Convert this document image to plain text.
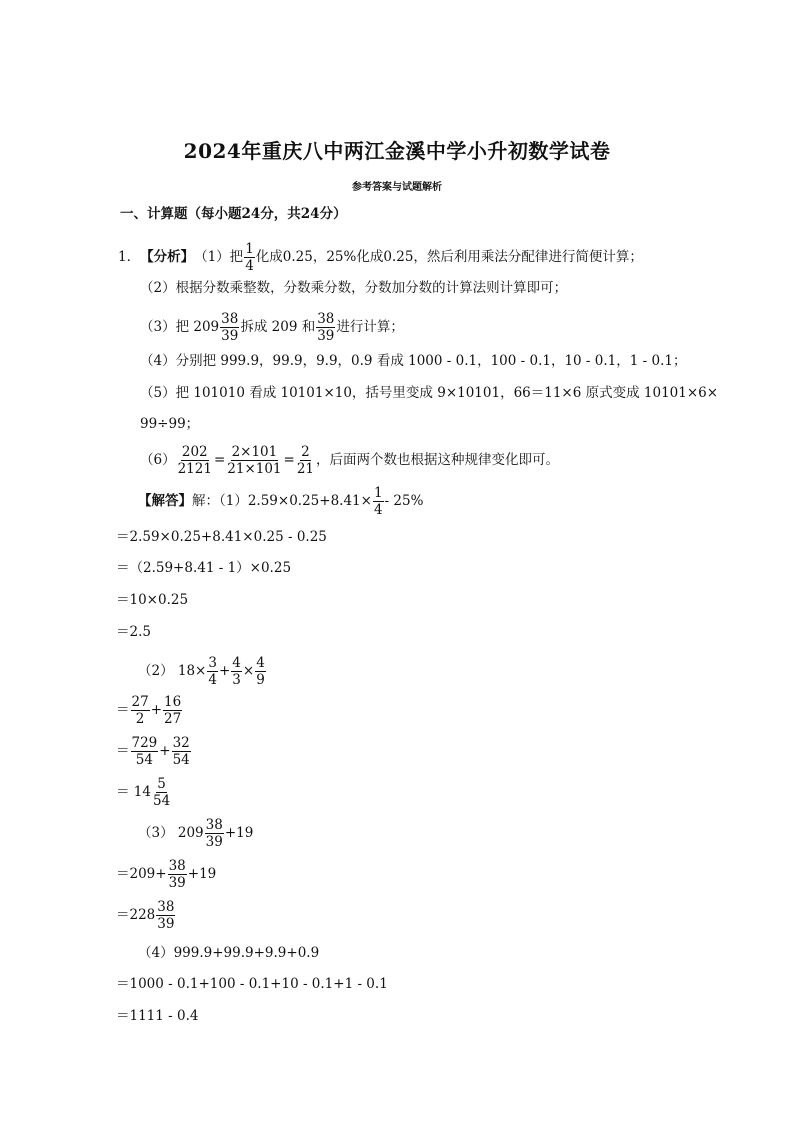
2024年重庆八中两江金溪中学小升初数学试卷
参考答案与试题解析
一、计算题（每小题24分，共24分）
1． 【分析】 （1）把 $\frac{1}{4}$ 化成0.25，25%化成0.25，然后利用乘法分配律进行简便计算；
（2）根据分数乘整数，分数乘分数，分数加分数的计算法则计算即可；
（3）把 $209 \frac{38}{39}$ 拆成 209 和 $\frac{38}{39}$ 进行计算；
（4）分别把 999.9，99.9，9.9，0.9 看成 1000 - 0.1，100 - 0.1，10 - 0.1，1 - 0.1；
（5）把 101010 看成 10101×10，括号里变成 9×10101，66＝11×6 原式变成 10101×6×
99÷99；
$(6) \frac{202}{2121} = \frac{2\times 101}{21\times 101} = \frac{2}{21}$ ，后面两个数也根据这种规律变化即可。
【解答】 解：$(1)2.59\times 0.25+8.41\times \frac{1}{4} - 25\%$
＝2.59×0.25+8.41×0.25 - 0.25
＝（2.59+8.41 - 1）×0.25
＝10×0.25
＝2.5
（2） $18\times \frac{3}{4} + \frac{4}{3} \times \frac{4}{9}$
＝ $\frac{27}{2} + \frac{16}{27}$
＝ $\frac{729}{54} + \frac{32}{54}$
＝ $14 \frac{5}{54}$
（3） $209 \frac{38}{39} +19$
$=209+ \frac{38}{39} +19$
$=228 \frac{38}{39}$
（4）999.9+99.9+9.9+0.9
＝1000 - 0.1+100 - 0.1+10 - 0.1+1 - 0.1
＝1111 - 0.4
